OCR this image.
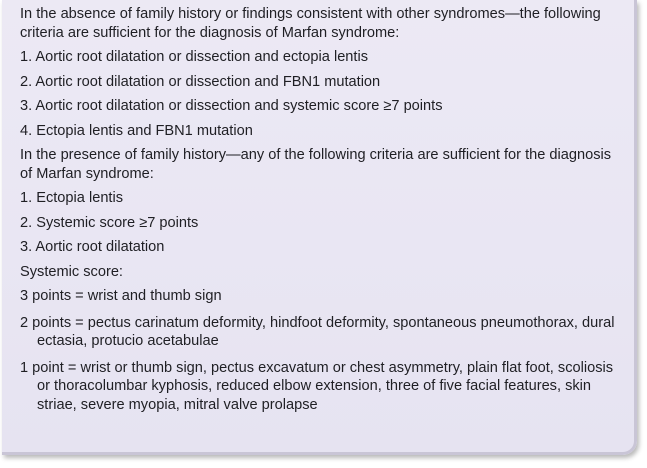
In the absence of family history or findings consistent with other syndromes—the following criteria are sufficient for the diagnosis of Marfan syndrome:

1. Aortic root dilatation or dissection and ectopia lentis

2. Aortic root dilatation or dissection and FBN1 mutation

3. Aortic root dilatation or dissection and systemic score ≥7 points

4. Ectopia lentis and FBN1 mutation

In the presence of family history—any of the following criteria are sufficient for the diagnosis of Marfan syndrome:

1. Ectopia lentis

2. Systemic score ≥7 points

3. Aortic root dilatation

Systemic score:

3 points = wrist and thumb sign

2 points = pectus carinatum deformity, hindfoot deformity, spontaneous pneumothorax, dural ectasia, protucio acetabulae

1 point = wrist or thumb sign, pectus excavatum or chest asymmetry, plain flat foot, scoliosis or thoracolumbar kyphosis, reduced elbow extension, three of five facial features, skin striae, severe myopia, mitral valve prolapse
